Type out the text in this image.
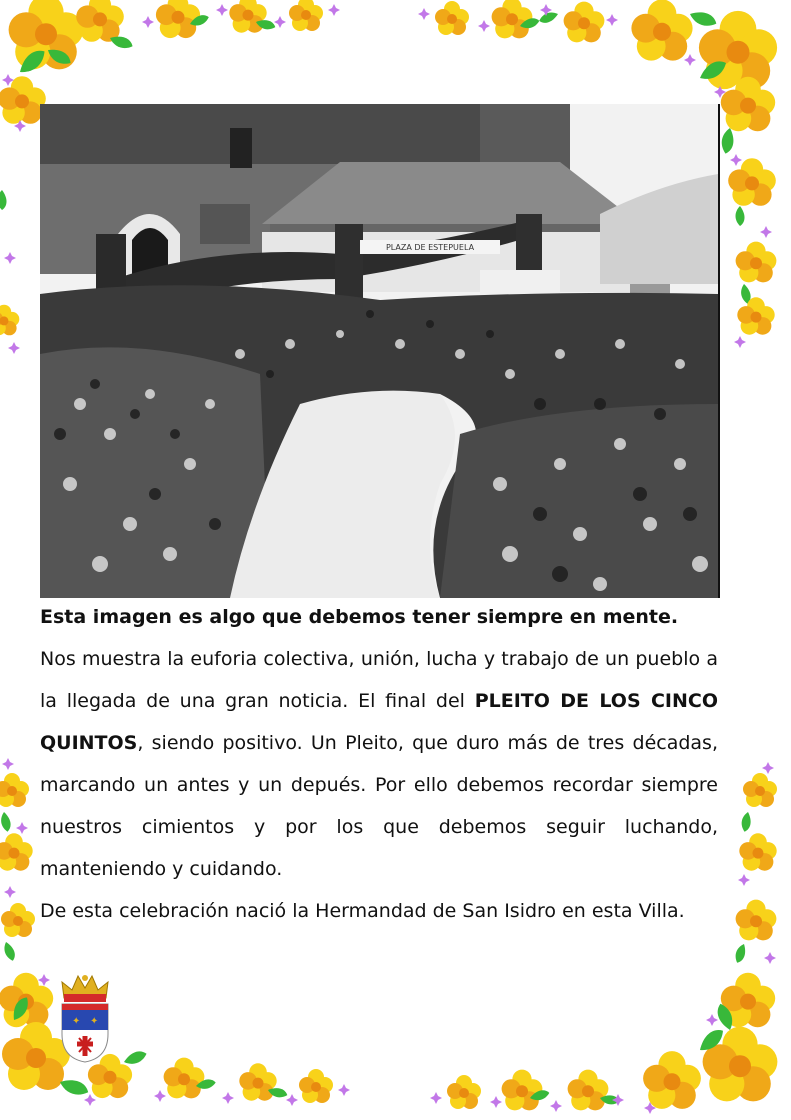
PLAZA DE ESTEPUELA

Esta imagen es algo que debemos tener siempre en mente.

Nos muestra la euforia colectiva, unión, lucha y trabajo de un pueblo a la llegada de una gran noticia. El final del PLEITO DE LOS CINCO QUINTOS, siendo positivo. Un Pleito, que duro más de tres décadas, marcando un antes y un depués. Por ello debemos recordar siempre nuestros cimientos y por los que debemos seguir luchando, manteniendo y cuidando.

De esta celebración nació la Hermandad de San Isidro en esta Villa.

✦ ✦
